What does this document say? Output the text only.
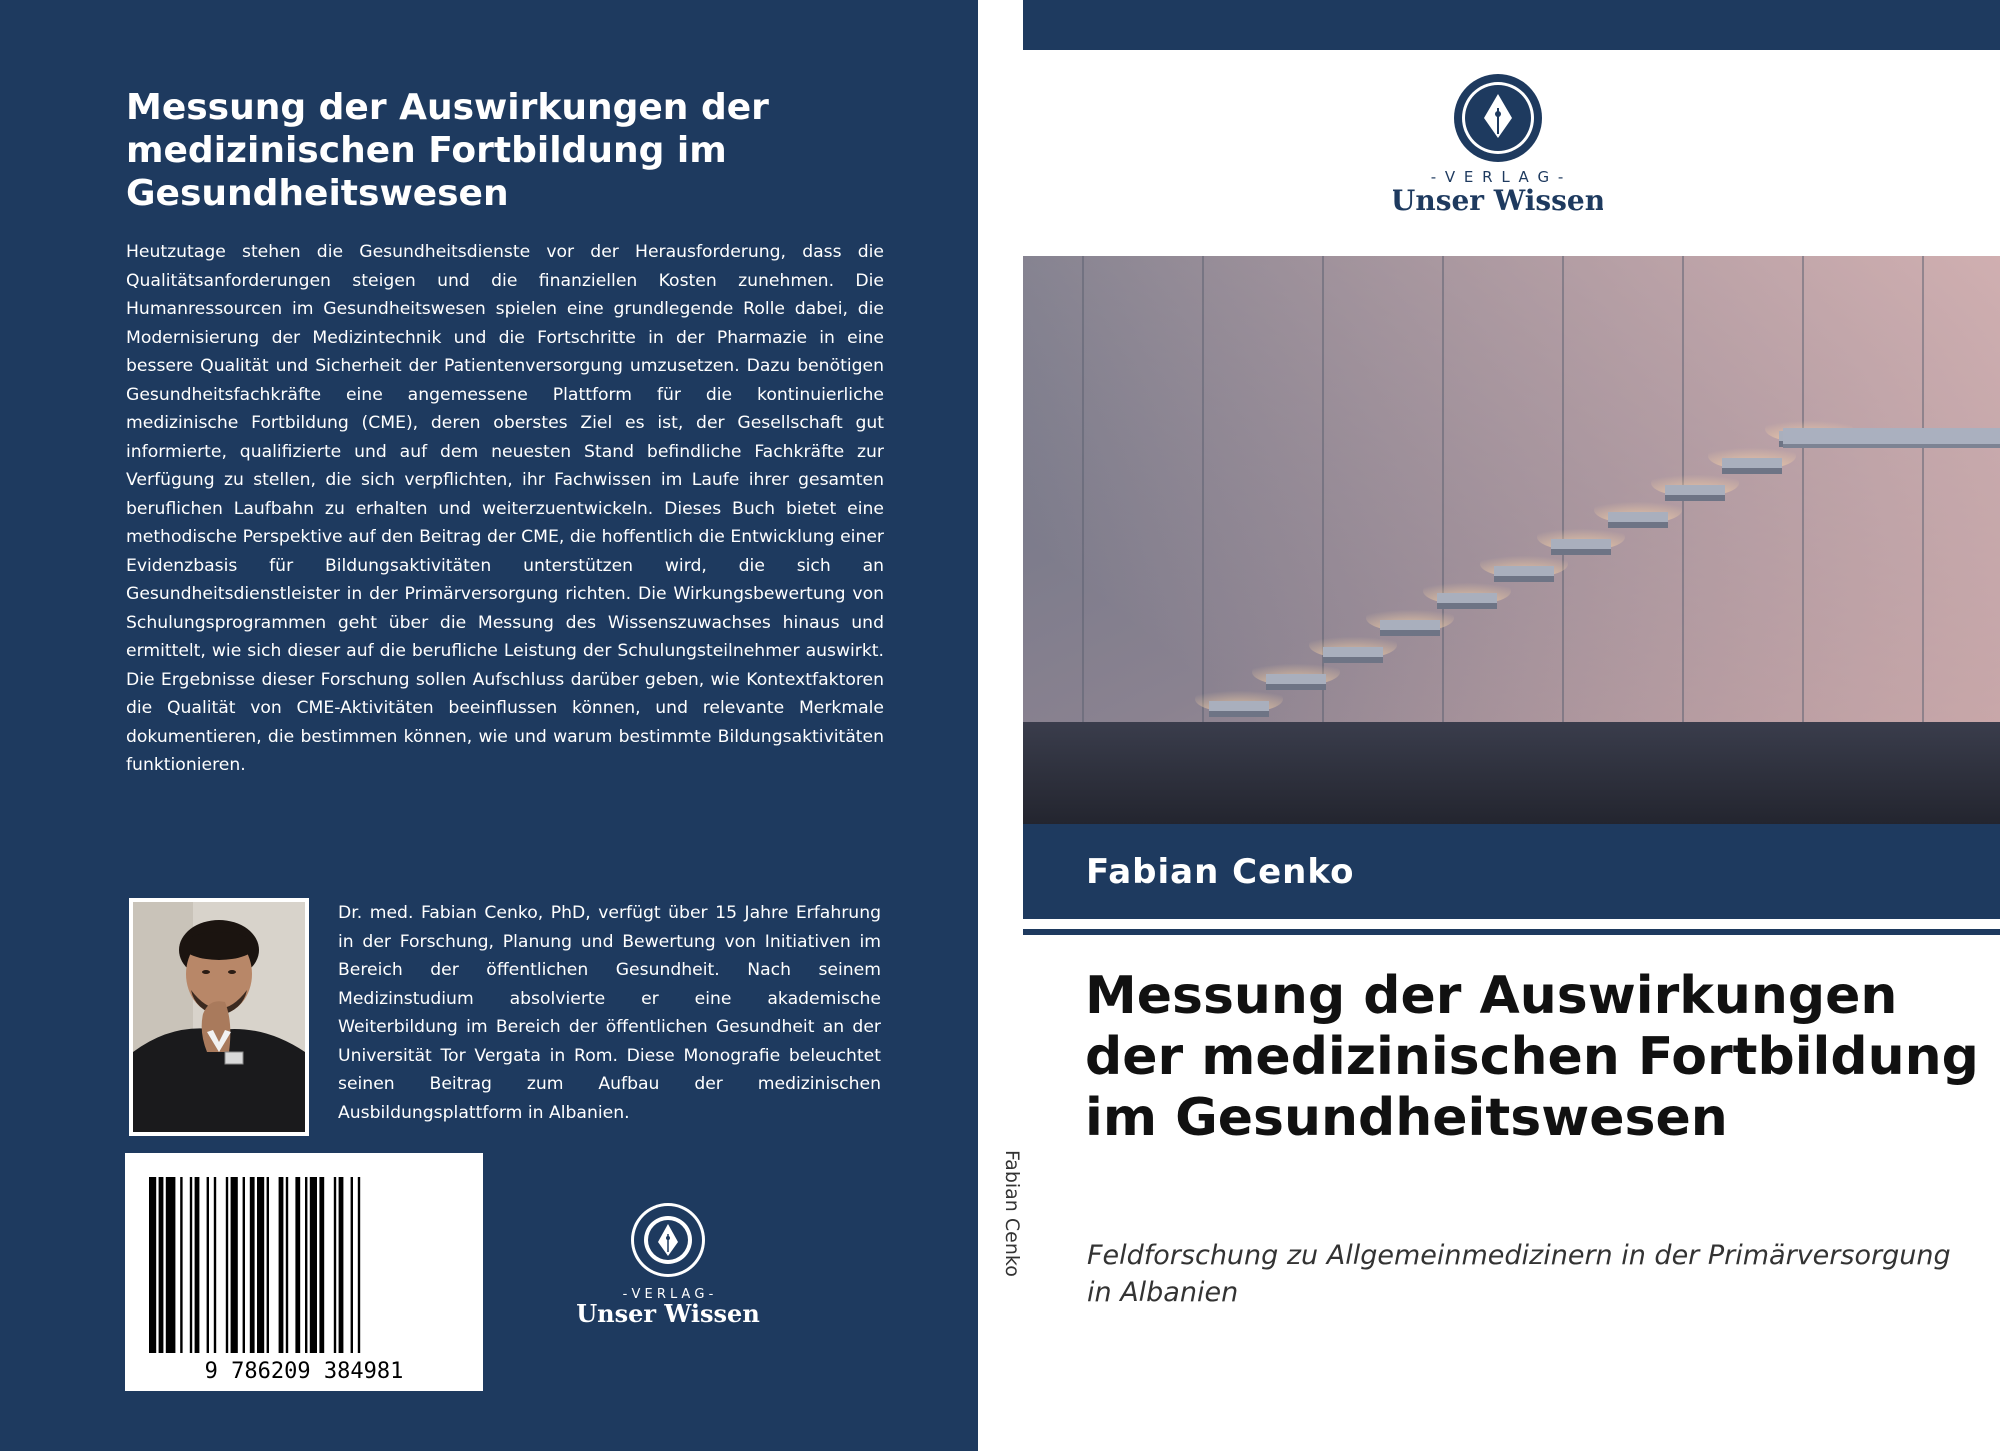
Messung der Auswirkungen der medizinischen Fortbildung im Gesundheitswesen
Heutzutage stehen die Gesundheitsdienste vor der Herausforderung, dass die Qualitätsanforderungen steigen und die finanziellen Kosten zunehmen. Die Humanressourcen im Gesundheitswesen spielen eine grundlegende Rolle dabei, die Modernisierung der Medizintechnik und die Fortschritte in der Pharmazie in eine bessere Qualität und Sicherheit der Patientenversorgung umzusetzen. Dazu benötigen Gesundheitsfachkräfte eine angemessene Plattform für die kontinuierliche medizinische Fortbildung (CME), deren oberstes Ziel es ist, der Gesellschaft gut informierte, qualifizierte und auf dem neuesten Stand befindliche Fachkräfte zur Verfügung zu stellen, die sich verpflichten, ihr Fachwissen im Laufe ihrer gesamten beruflichen Laufbahn zu erhalten und weiterzuentwickeln. Dieses Buch bietet eine methodische Perspektive auf den Beitrag der CME, die hoffentlich die Entwicklung einer Evidenzbasis für Bildungsaktivitäten unterstützen wird, die sich an Gesundheitsdienstleister in der Primärversorgung richten. Die Wirkungsbewertung von Schulungsprogrammen geht über die Messung des Wissenszuwachses hinaus und ermittelt, wie sich dieser auf die berufliche Leistung der Schulungsteilnehmer auswirkt. Die Ergebnisse dieser Forschung sollen Aufschluss darüber geben, wie Kontextfaktoren die Qualität von CME-Aktivitäten beeinflussen können, und relevante Merkmale dokumentieren, die bestimmen können, wie und warum bestimmte Bildungsaktivitäten funktionieren.
Dr. med. Fabian Cenko, PhD, verfügt über 15 Jahre Erfahrung in der Forschung, Planung und Bewertung von Initiativen im Bereich der öffentlichen Gesundheit. Nach seinem Medizinstudium absolvierte er eine akademische Weiterbildung im Bereich der öffentlichen Gesundheit an der Universität Tor Vergata in Rom. Diese Monografie beleuchtet seinen Beitrag zum Aufbau der medizinischen Ausbildungsplattform in Albanien.
9 786209 384981
- V E R L A G -
Unser Wissen
Fabian Cenko
- V E R L A G -
Unser Wissen
Fabian Cenko
Messung der Auswirkungen der medizinischen Fortbildung im Gesundheitswesen
Feldforschung zu Allgemeinmedizinern in der Primärversorgung in Albanien
